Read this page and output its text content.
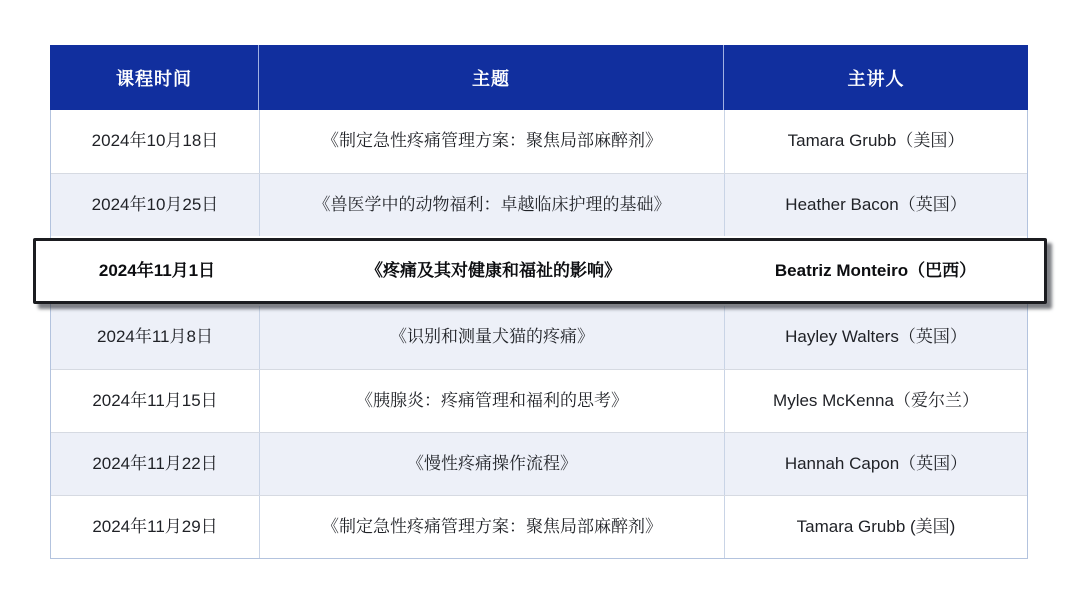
课程时间	主题	主讲人
2024年10月18日	《制定急性疼痛管理方案：聚焦局部麻醉剂》	Tamara Grubb（美国）
2024年10月25日	《兽医学中的动物福利：卓越临床护理的基础》	Heather Bacon（英国）
2024年11月1日	《疼痛及其对健康和福祉的影响》	Beatriz Monteiro（巴西）
2024年11月8日	《识别和测量犬猫的疼痛》	Hayley Walters（英国）
2024年11月15日	《胰腺炎：疼痛管理和福利的思考》	Myles McKenna（爱尔兰）
2024年11月22日	《慢性疼痛操作流程》	Hannah Capon（英国）
2024年11月29日	《制定急性疼痛管理方案：聚焦局部麻醉剂》	Tamara Grubb (美国)
